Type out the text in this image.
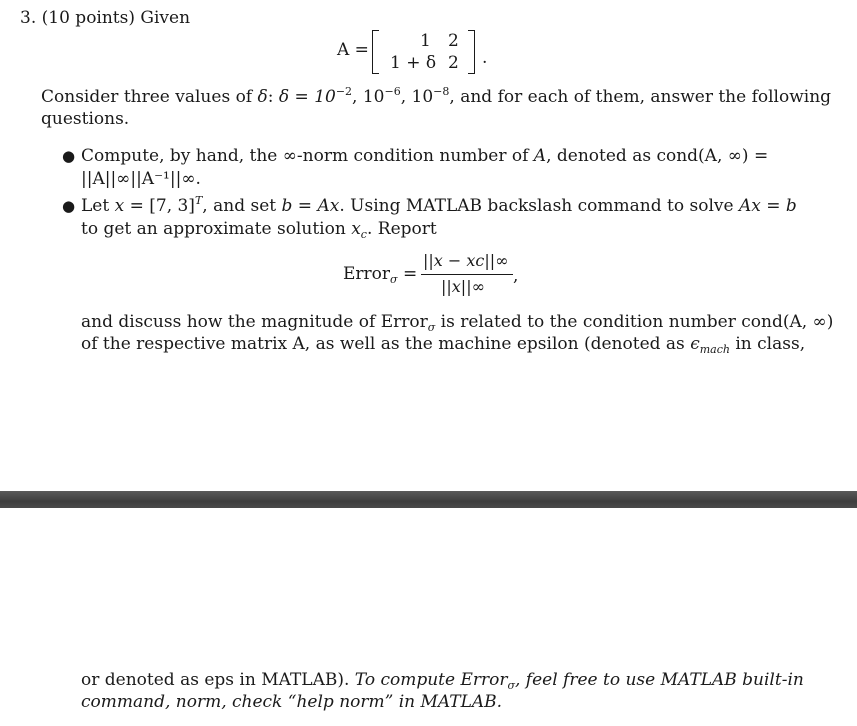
3. (10 points) Given
A =	1 2
1 + δ 2 .
Consider three values of δ: $\delta = 10^{-2}$, $10^{-6}$, $10^{-8}$, and for each of them, answer the following
questions.
● Compute, by hand, the ∞-norm condition number of A, denoted as cond(A, ∞) =
||A||∞||A⁻¹||∞.
● Let x = [7, 3]$^T$, and set b = Ax. Using MATLAB backslash command to solve Ax = b
to get an approximate solution $x_c$. Report
Error$_\sigma$ =
||x − xc||∞
||x||∞
,
and discuss how the magnitude of Error$_\sigma$ is related to the condition number cond(A, ∞)
of the respective matrix A, as well as the machine epsilon (denoted as $\epsilon_{mach}$ in class,
or denoted as eps in MATLAB). To compute Error$_\sigma$, feel free to use MATLAB built-in
command, norm, check “help norm” in MATLAB.
